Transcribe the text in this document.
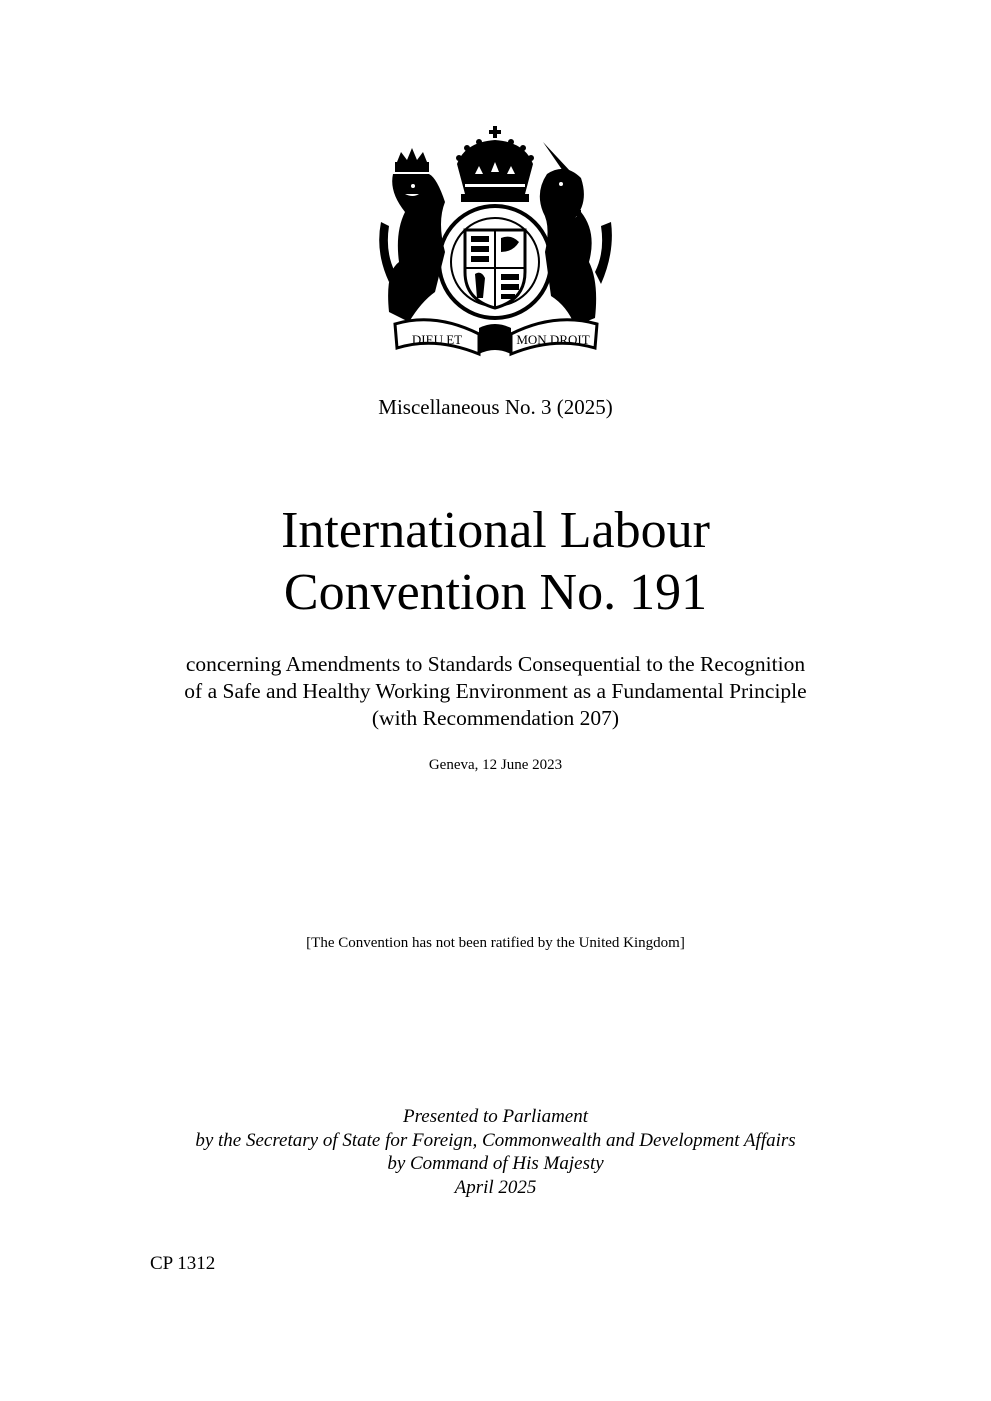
DIEU ET	MON DROIT
Miscellaneous No. 3 (2025)
International Labour
Convention No. 191
concerning Amendments to Standards Consequential to the Recognition
of a Safe and Healthy Working Environment as a Fundamental Principle
(with Recommendation 207)
Geneva, 12 June 2023
[The Convention has not been ratified by the United Kingdom]
Presented to Parliament
by the Secretary of State for Foreign, Commonwealth and Development Affairs
by Command of His Majesty
April 2025
CP 1312
